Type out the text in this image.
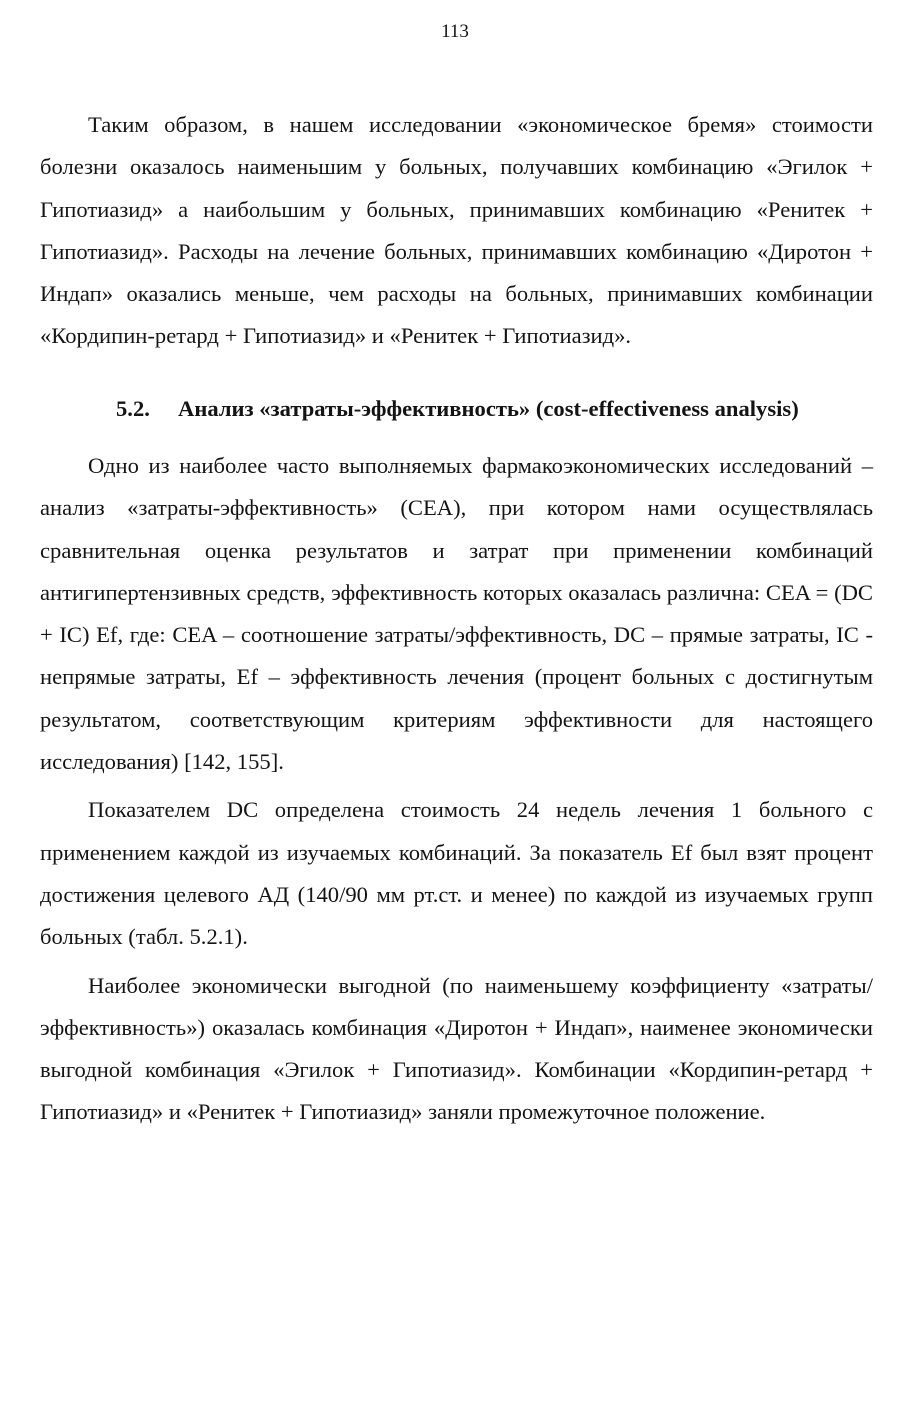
113

Таким образом, в нашем исследовании «экономическое бремя» стоимости болезни оказалось наименьшим у больных, получавших комбинацию «Эгилок + Гипотиазид» а наибольшим у больных, принимавших комбинацию «Ренитек + Гипотиазид». Расходы на лечение больных, принимавших комбинацию «Диротон + Индап» оказались меньше, чем расходы на больных, принимавших комбинации «Кордипин-ретард + Гипотиазид» и «Ренитек + Гипотиазид».

5.2. Анализ «затраты-эффективность» (cost-effectiveness analysis)

Одно из наиболее часто выполняемых фармакоэкономических исследований – анализ «затраты-эффективность» (CEA), при котором нами осуществлялась сравнительная оценка результатов и затрат при применении комбинаций антигипертензивных средств, эффективность которых оказалась различна: CEA = (DC + IC) Ef, где: CEA – соотношение затраты/эффективность, DC – прямые затраты, IC - непрямые затраты, Ef – эффективность лечения (процент больных с достигнутым результатом, соответствующим критериям эффективности для настоящего исследования) [142, 155].

Показателем DC определена стоимость 24 недель лечения 1 больного с применением каждой из изучаемых комбинаций. За показатель Ef был взят процент достижения целевого АД (140/90 мм рт.ст. и менее) по каждой из изучаемых групп больных (табл. 5.2.1).

Наиболее экономически выгодной (по наименьшему коэффициенту «затраты/эффективность») оказалась комбинация «Диротон + Индап», наименее экономически выгодной комбинация «Эгилок + Гипотиазид». Комбинации «Кордипин-ретард + Гипотиазид» и «Ренитек + Гипотиазид» заняли промежуточное положение.
